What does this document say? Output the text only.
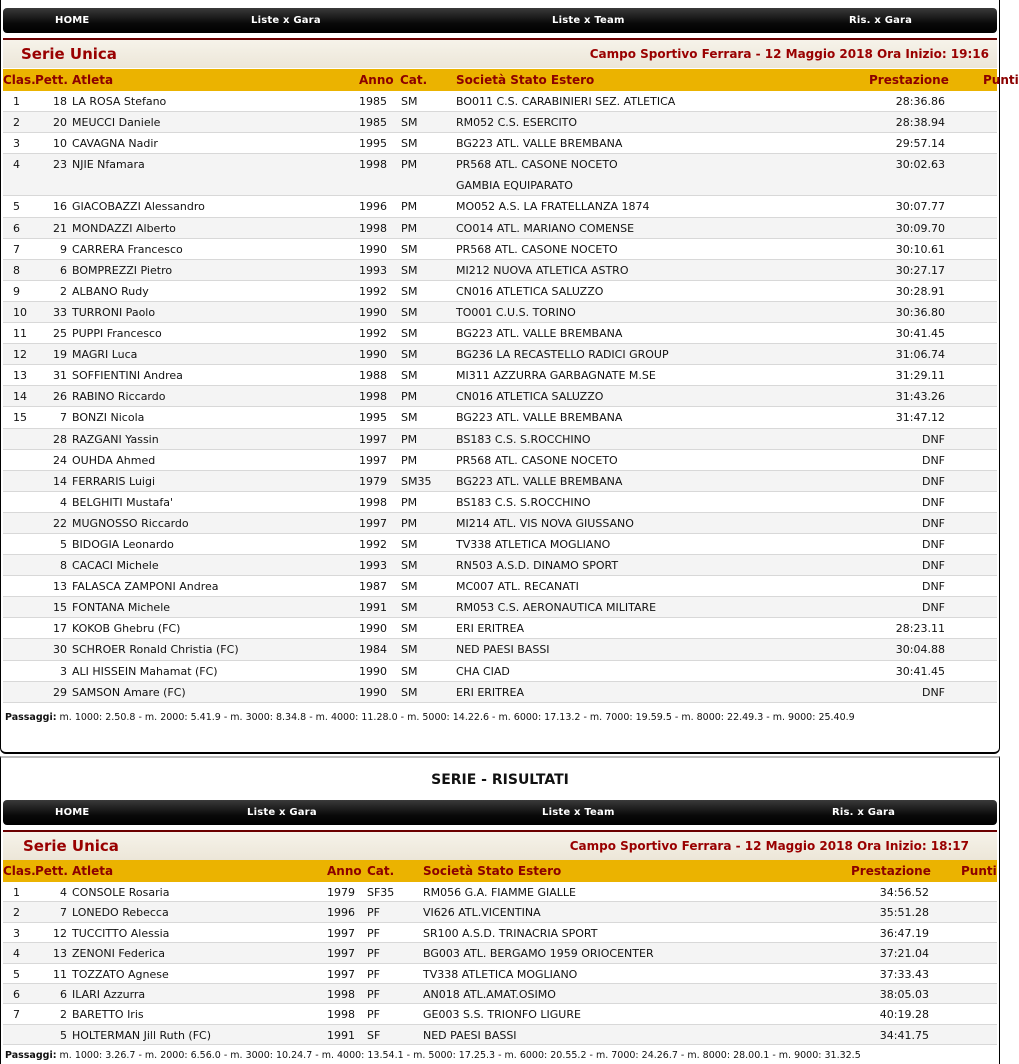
HOME	Liste x Gara	Liste x Team	Ris. x Gara
Serie Unica	Campo Sportivo Ferrara - 12 Maggio 2018 Ora Inizio: 19:16
Clas. Pett. Atleta	Anno Cat. Società Stato Estero	Prestazione	Punti
1	18 LA ROSA Stefano	1985 SM	BO011 C.S. CARABINIERI SEZ. ATLETICA	28:36.86
2	20 MEUCCI Daniele	1985 SM	RM052 C.S. ESERCITO	28:38.94
3	10 CAVAGNA Nadir	1995 SM	BG223 ATL. VALLE BREMBANA	29:57.14
4	23 NJIE Nfamara	1998 PM	PR568 ATL. CASONE NOCETO	30:02.63
GAMBIA EQUIPARATO
5	16 GIACOBAZZI Alessandro	1996 PM	MO052 A.S. LA FRATELLANZA 1874	30:07.77
6	21 MONDAZZI Alberto	1998 PM	CO014 ATL. MARIANO COMENSE	30:09.70
7	9 CARRERA Francesco	1990 SM	PR568 ATL. CASONE NOCETO	30:10.61
8	6 BOMPREZZI Pietro	1993 SM	MI212 NUOVA ATLETICA ASTRO	30:27.17
9	2 ALBANO Rudy	1992 SM	CN016 ATLETICA SALUZZO	30:28.91
10	33 TURRONI Paolo	1990 SM	TO001 C.U.S. TORINO	30:36.80
11	25 PUPPI Francesco	1992 SM	BG223 ATL. VALLE BREMBANA	30:41.45
12	19 MAGRI Luca	1990 SM	BG236 LA RECASTELLO RADICI GROUP	31:06.74
13	31 SOFFIENTINI Andrea	1988 SM	MI311 AZZURRA GARBAGNATE M.SE	31:29.11
14	26 RABINO Riccardo	1998 PM	CN016 ATLETICA SALUZZO	31:43.26
15	7 BONZI Nicola	1995 SM	BG223 ATL. VALLE BREMBANA	31:47.12
28 RAZGANI Yassin	1997 PM	BS183 C.S. S.ROCCHINO	DNF
24 OUHDA Ahmed	1997 PM	PR568 ATL. CASONE NOCETO	DNF
14 FERRARIS Luigi	1979 SM35 BG223 ATL. VALLE BREMBANA	DNF
4 BELGHITI Mustafa'	1998 PM	BS183 C.S. S.ROCCHINO	DNF
22 MUGNOSSO Riccardo	1997 PM	MI214 ATL. VIS NOVA GIUSSANO	DNF
5 BIDOGIA Leonardo	1992 SM	TV338 ATLETICA MOGLIANO	DNF
8 CACACI Michele	1993 SM	RN503 A.S.D. DINAMO SPORT	DNF
13 FALASCA ZAMPONI Andrea	1987 SM	MC007 ATL. RECANATI	DNF
15 FONTANA Michele	1991 SM	RM053 C.S. AERONAUTICA MILITARE	DNF
17 KOKOB Ghebru (FC)	1990 SM	ERI ERITREA	28:23.11
30 SCHROER Ronald Christia (FC)	1984 SM	NED PAESI BASSI	30:04.88
3 ALI HISSEIN Mahamat (FC)	1990 SM	CHA CIAD	30:41.45
29 SAMSON Amare (FC)	1990 SM	ERI ERITREA	DNF
Passaggi: m. 1000: 2.50.8 - m. 2000: 5.41.9 - m. 3000: 8.34.8 - m. 4000: 11.28.0 - m. 5000: 14.22.6 - m. 6000: 17.13.2 - m. 7000: 19.59.5 - m. 8000: 22.49.3 - m. 9000: 25.40.9
SERIE - RISULTATI
HOME	Liste x Gara	Liste x Team	Ris. x Gara
Serie Unica	Campo Sportivo Ferrara - 12 Maggio 2018 Ora Inizio: 18:17
Clas. Pett. Atleta	Anno Cat. Società Stato Estero	Prestazione	Punti
1	4 CONSOLE Rosaria	1979 SF35	RM056 G.A. FIAMME GIALLE	34:56.52
2	7 LONEDO Rebecca	1996 PF	VI626 ATL.VICENTINA	35:51.28
3	12 TUCCITTO Alessia	1997 PF	SR100 A.S.D. TRINACRIA SPORT	36:47.19
4	13 ZENONI Federica	1997 PF	BG003 ATL. BERGAMO 1959 ORIOCENTER	37:21.04
5	11 TOZZATO Agnese	1997 PF	TV338 ATLETICA MOGLIANO	37:33.43
6	6 ILARI Azzurra	1998 PF	AN018 ATL.AMAT.OSIMO	38:05.03
7	2 BARETTO Iris	1998 PF	GE003 S.S. TRIONFO LIGURE	40:19.28
5 HOLTERMAN Jill Ruth (FC)	1991 SF	NED PAESI BASSI	34:41.75
Passaggi: m. 1000: 3.26.7 - m. 2000: 6.56.0 - m. 3000: 10.24.7 - m. 4000: 13.54.1 - m. 5000: 17.25.3 - m. 6000: 20.55.2 - m. 7000: 24.26.7 - m. 8000: 28.00.1 - m. 9000: 31.32.5
